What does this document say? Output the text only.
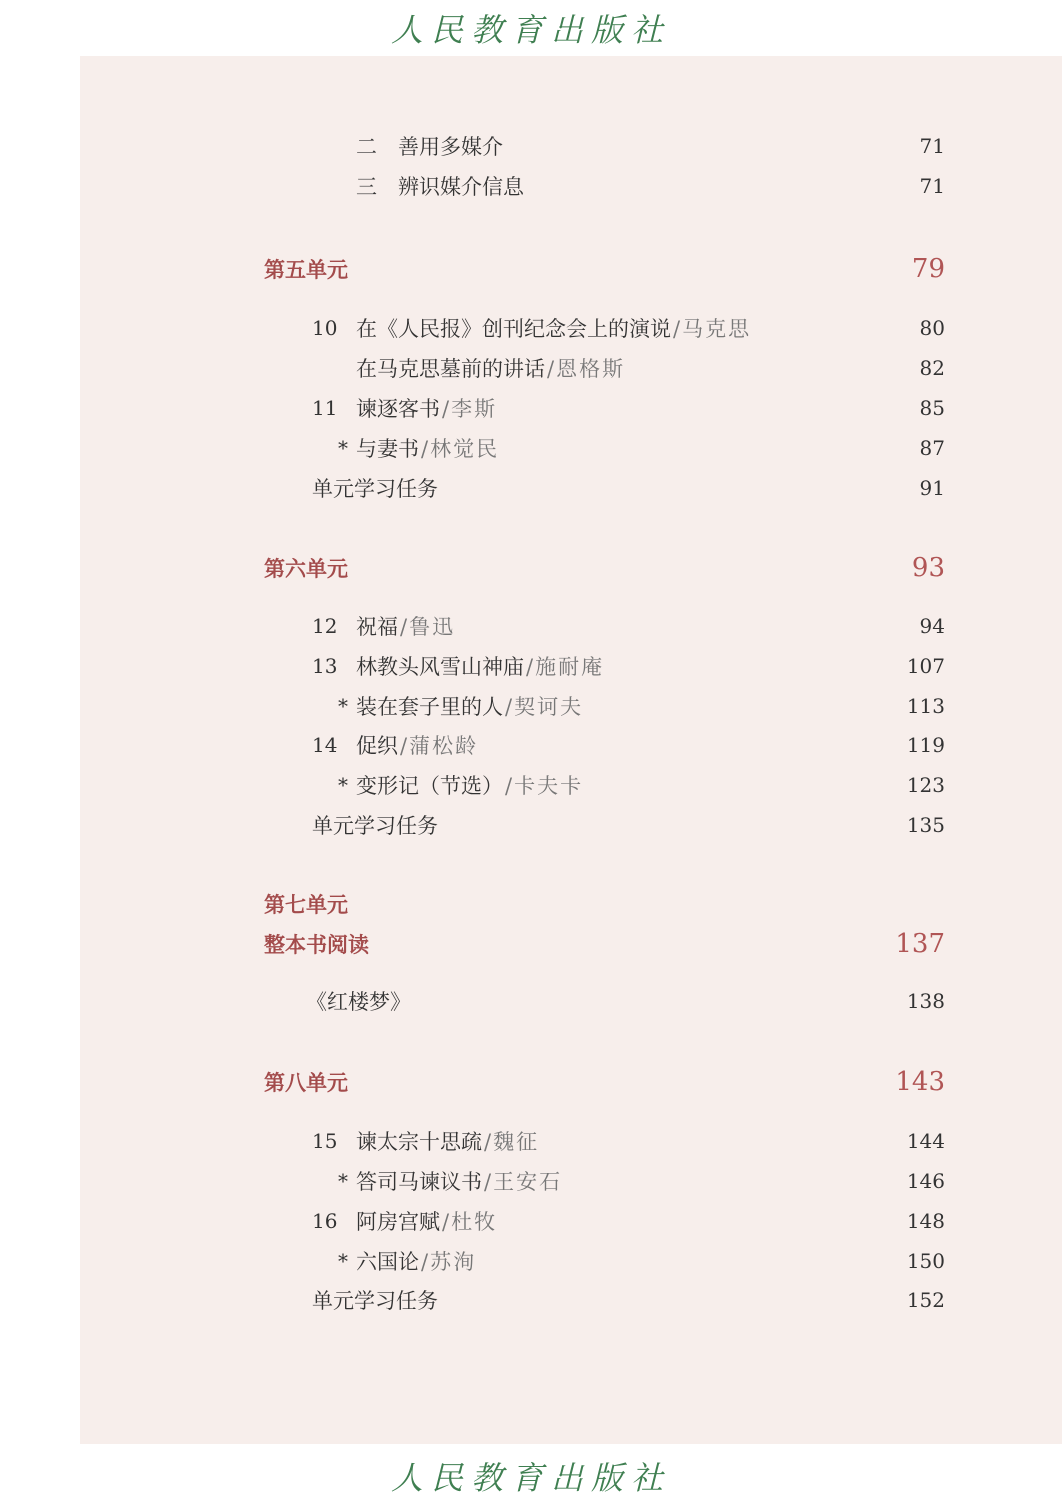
人民教育出版社
二　善用多媒介	71
三　辨识媒介信息	71
第五单元	79
10 在《人民报》创刊纪念会上的演说/马克思	80
在马克思墓前的讲话/恩格斯	82
11 谏逐客书/李斯	85
* 与妻书/林觉民	87
单元学习任务	91
第六单元	93
12 祝福/鲁迅	94
13 林教头风雪山神庙/施耐庵	107
* 装在套子里的人/契诃夫	113
14 促织/蒲松龄	119
* 变形记（节选）/卡夫卡	123
单元学习任务	135
第七单元
整本书阅读	137
《红楼梦》	138
第八单元	143
15 谏太宗十思疏/魏征	144
* 答司马谏议书/王安石	146
16 阿房宫赋/杜牧	148
* 六国论/苏洵	150
单元学习任务	152
人民教育出版社
